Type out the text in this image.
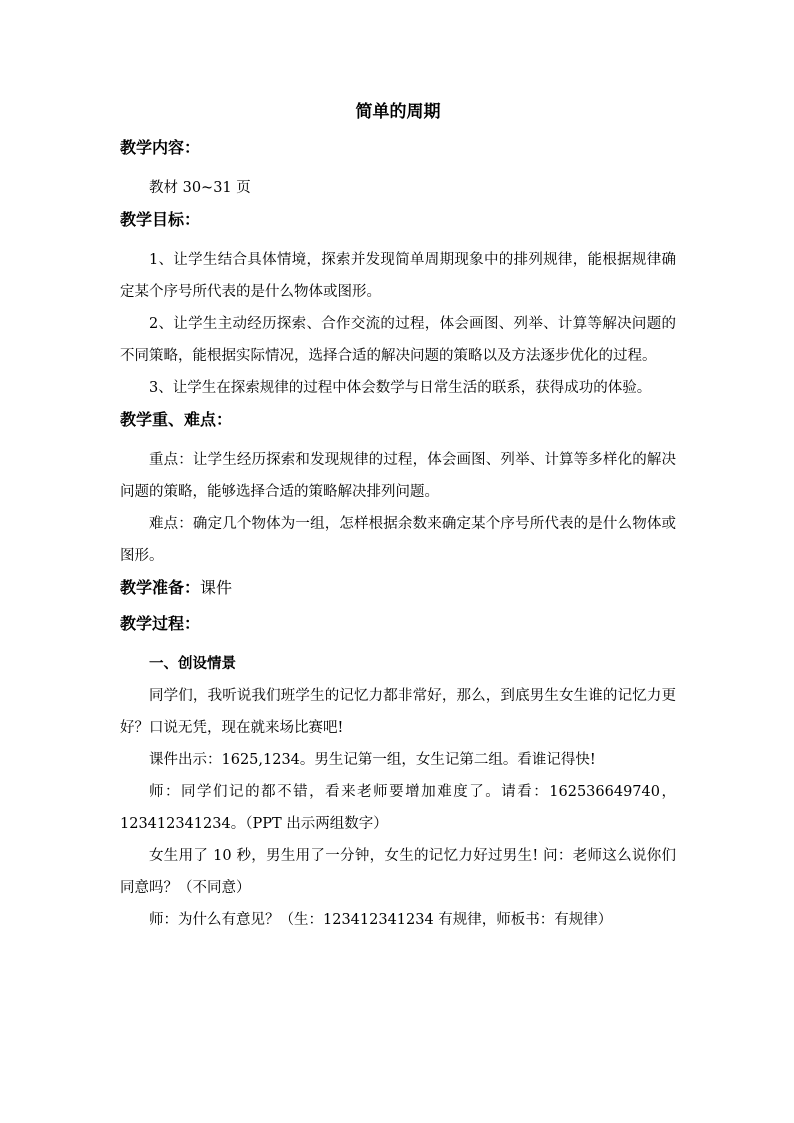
简单的周期
教学内容：

教材 30~31 页

教学目标：

1、让学生结合具体情境，探索并发现简单周期现象中的排列规律，能根据规律确定某个序号所代表的是什么物体或图形。

2、让学生主动经历探索、合作交流的过程，体会画图、列举、计算等解决问题的不同策略，能根据实际情况，选择合适的解决问题的策略以及方法逐步优化的过程。

3、让学生在探索规律的过程中体会数学与日常生活的联系，获得成功的体验。

教学重、难点：

重点：让学生经历探索和发现规律的过程，体会画图、列举、计算等多样化的解决问题的策略，能够选择合适的策略解决排列问题。

难点：确定几个物体为一组，怎样根据余数来确定某个序号所代表的是什么物体或图形。

教学准备：课件
教学过程：

一、创设情景

同学们，我听说我们班学生的记忆力都非常好，那么，到底男生女生谁的记忆力更好？口说无凭，现在就来场比赛吧!

课件出示：1625,1234。男生记第一组，女生记第二组。看谁记得快!

师：同学们记的都不错，看来老师要增加难度了。请看：162536649740，123412341234。（PPT 出示两组数字）

女生用了 10 秒，男生用了一分钟，女生的记忆力好过男生! 问：老师这么说你们同意吗？（不同意）

师：为什么有意见？（生：123412341234 有规律，师板书：有规律）
